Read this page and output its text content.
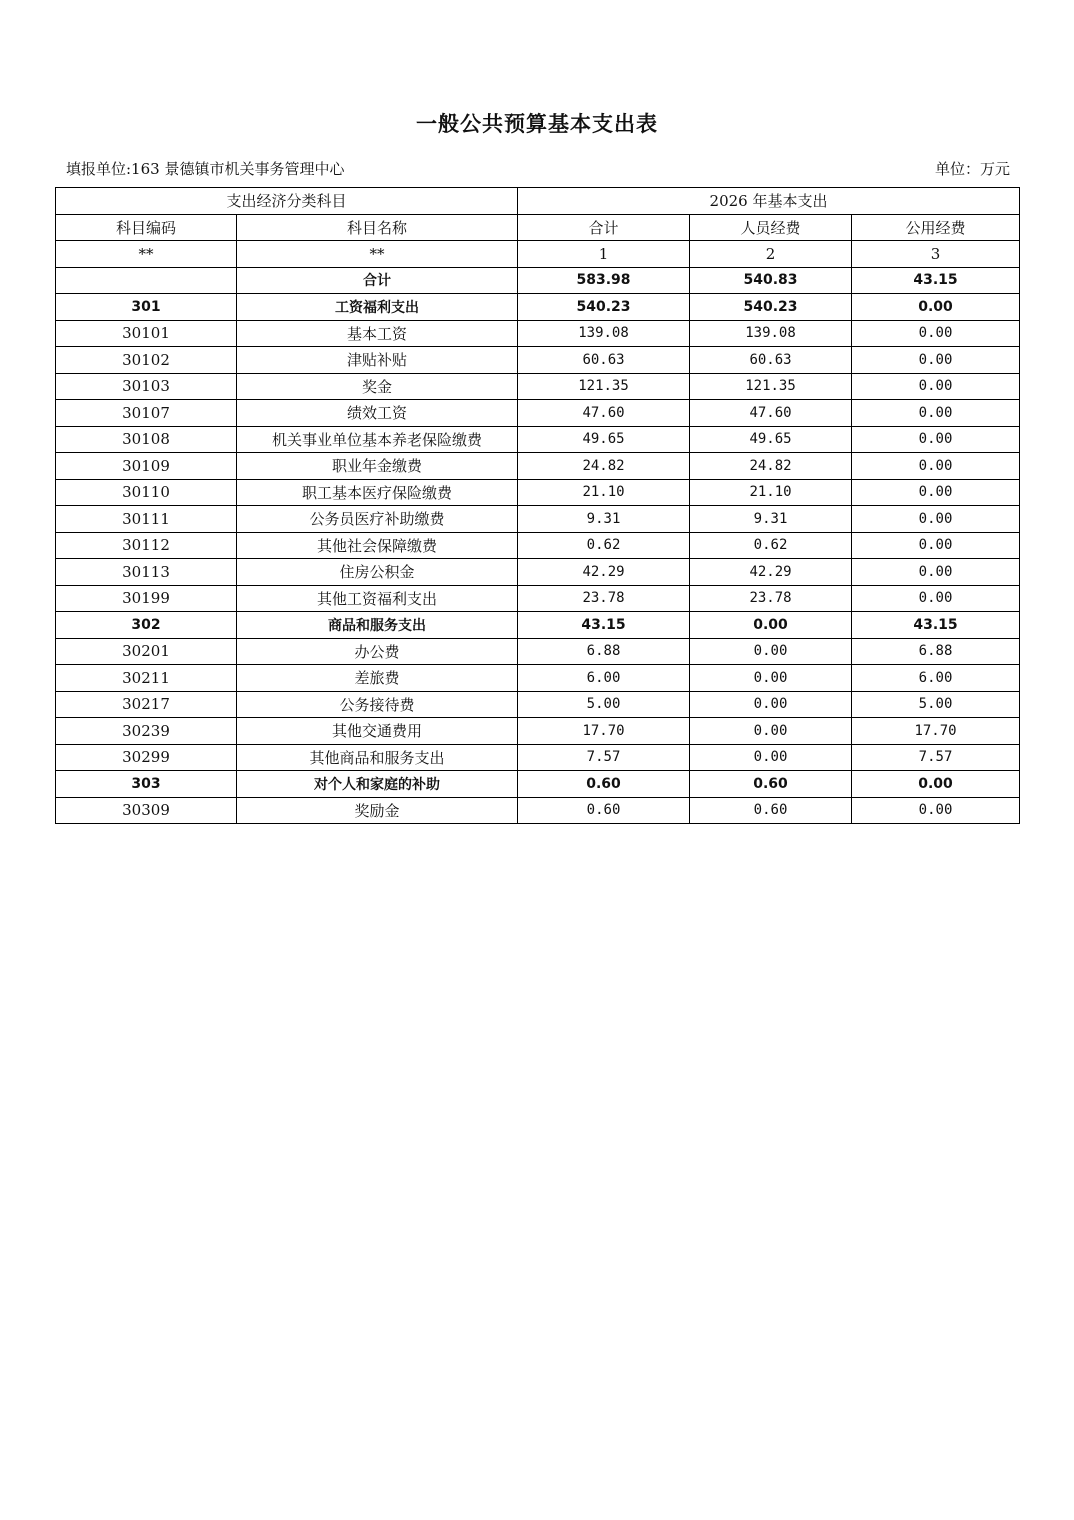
一般公共预算基本支出表
填报单位:163 景德镇市机关事务管理中心	单位：万元
支出经济分类科目		2026 年基本支出		
科目编码	科目名称	合计	人员经费	公用经费
**	**	1	2	3
	合计	583.98	540.83	43.15
301	工资福利支出	540.23	540.23	0.00
30101	基本工资	139.08	139.08	0.00
30102	津贴补贴	60.63	60.63	0.00
30103	奖金	121.35	121.35	0.00
30107	绩效工资	47.60	47.60	0.00
30108	机关事业单位基本养老保险缴费	49.65	49.65	0.00
30109	职业年金缴费	24.82	24.82	0.00
30110	职工基本医疗保险缴费	21.10	21.10	0.00
30111	公务员医疗补助缴费	9.31	9.31	0.00
30112	其他社会保障缴费	0.62	0.62	0.00
30113	住房公积金	42.29	42.29	0.00
30199	其他工资福利支出	23.78	23.78	0.00
302	商品和服务支出	43.15	0.00	43.15
30201	办公费	6.88	0.00	6.88
30211	差旅费	6.00	0.00	6.00
30217	公务接待费	5.00	0.00	5.00
30239	其他交通费用	17.70	0.00	17.70
30299	其他商品和服务支出	7.57	0.00	7.57
303	对个人和家庭的补助	0.60	0.60	0.00
30309	奖励金	0.60	0.60	0.00
